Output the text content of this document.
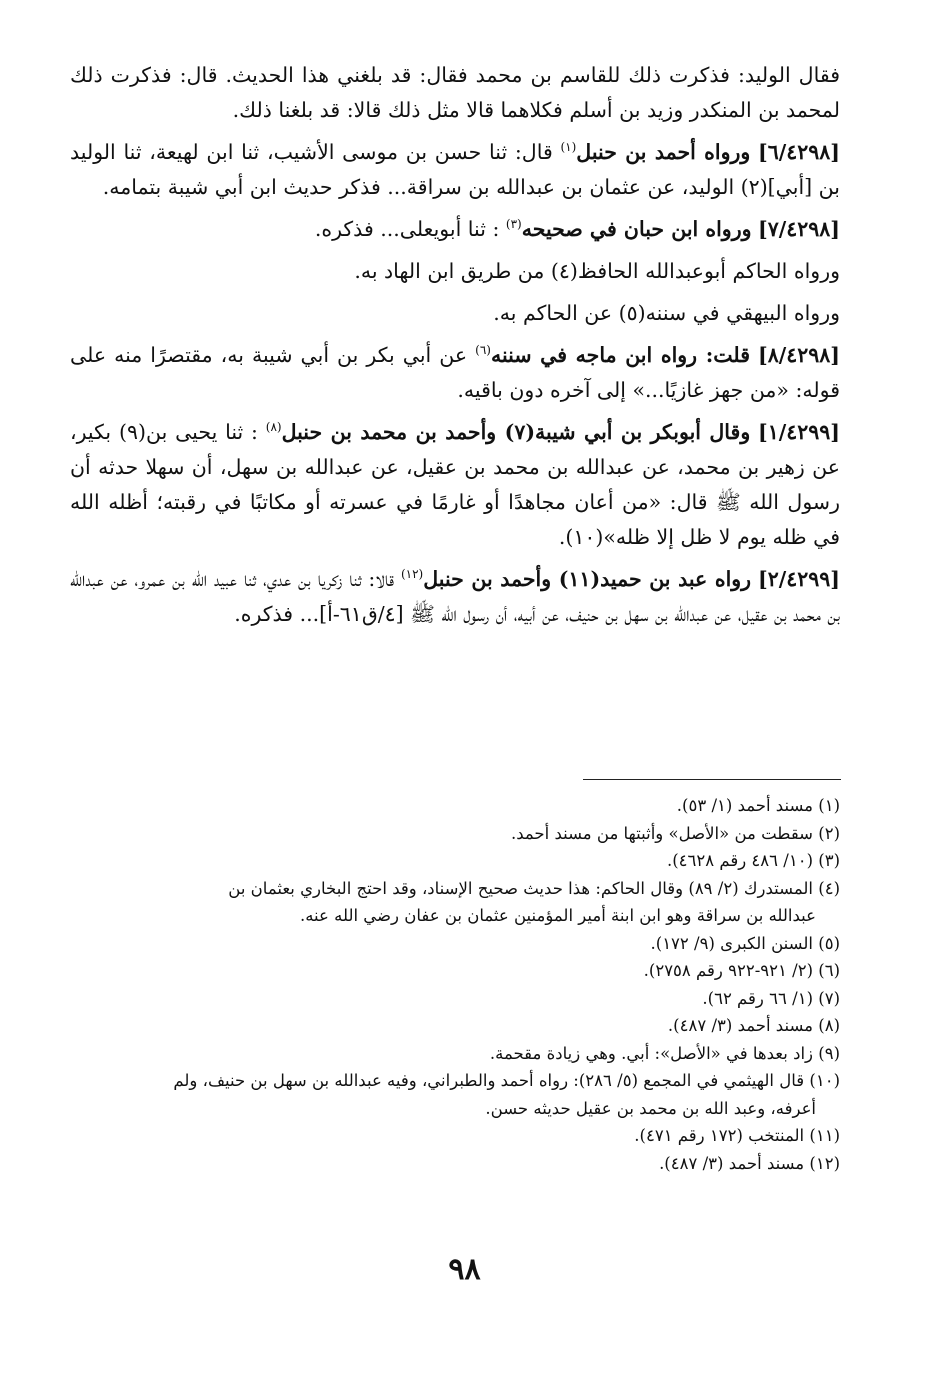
فقال الوليد: فذكرت ذلك للقاسم بن محمد فقال: قد بلغني هذا الحديث. قال: فذكرت ذلك لمحمد بن المنكدر وزيد بن أسلم فكلاهما قالا مثل ذلك قالا: قد بلغنا ذلك.

[٦/٤٢٩٨] ورواه أحمد بن حنبل$^{(١)}$ قال: ثنا حسن بن موسى الأشيب، ثنا ابن لهيعة، ثنا الوليد بن [أبي](٢) الوليد، عن عثمان بن عبدالله بن سراقة... فذكر حديث ابن أبي شيبة بتمامه.

[٧/٤٢٩٨] ورواه ابن حبان في صحيحه$^{(٣)}$ : ثنا أبويعلى... فذكره.

ورواه الحاكم أبوعبدالله الحافظ(٤) من طريق ابن الهاد به.

ورواه البيهقي في سننه(٥) عن الحاكم به.

[٨/٤٢٩٨] قلت: رواه ابن ماجه في سننه$^{(٦)}$ عن أبي بكر بن أبي شيبة به، مقتصرًا منه على قوله: «من جهز غازيًا...» إلى آخره دون باقيه.

[١/٤٢٩٩] وقال أبوبكر بن أبي شيبة(٧) وأحمد بن محمد بن حنبل$^{(٨)}$ : ثنا يحيى بن(٩) بكير، عن زهير بن محمد، عن عبدالله بن محمد بن عقيل، عن عبدالله بن سهل، أن سهلا حدثه أن رسول الله ﷺ قال: «من أعان مجاهدًا أو غارمًا في عسرته أو مكاتبًا في رقبته؛ أظله الله في ظله يوم لا ظل إلا ظله»(١٠).

[٢/٤٢٩٩] رواه عبد بن حميد(١١) وأحمد بن حنبل$^{(١٢)}$ قالا: ثنا زكريا بن عدي، ثنا عبيد الله بن عمرو، عن عبدالله بن محمد بن عقيل، عن عبدالله بن سهل بن حنيف، عن أبيه، أن رسول الله ﷺ [٤/ق٦١-أ]... فذكره.

(١) مسند أحمد (١/ ٥٣).

(٢) سقطت من «الأصل» وأثبتها من مسند أحمد.

(٣) (١٠/ ٤٨٦ رقم ٤٦٢٨).

(٤) المستدرك (٢/ ٨٩) وقال الحاكم: هذا حديث صحيح الإسناد، وقد احتج البخاري بعثمان بن
عبدالله بن سراقة وهو ابن ابنة أمير المؤمنين عثمان بن عفان رضي الله عنه.

(٥) السنن الكبرى (٩/ ١٧٢).

(٦) (٢/ ٩٢١-٩٢٢ رقم ٢٧٥٨).

(٧) (١/ ٦٦ رقم ٦٢).

(٨) مسند أحمد (٣/ ٤٨٧).

(٩) زاد بعدها في «الأصل»: أبي. وهي زيادة مقحمة.

(١٠) قال الهيثمي في المجمع (٥/ ٢٨٦): رواه أحمد والطبراني، وفيه عبدالله بن سهل بن حنيف، ولم
أعرفه، وعبد الله بن محمد بن عقيل حديثه حسن.

(١١) المنتخب (١٧٢ رقم ٤٧١).

(١٢) مسند أحمد (٣/ ٤٨٧).

٩٨
